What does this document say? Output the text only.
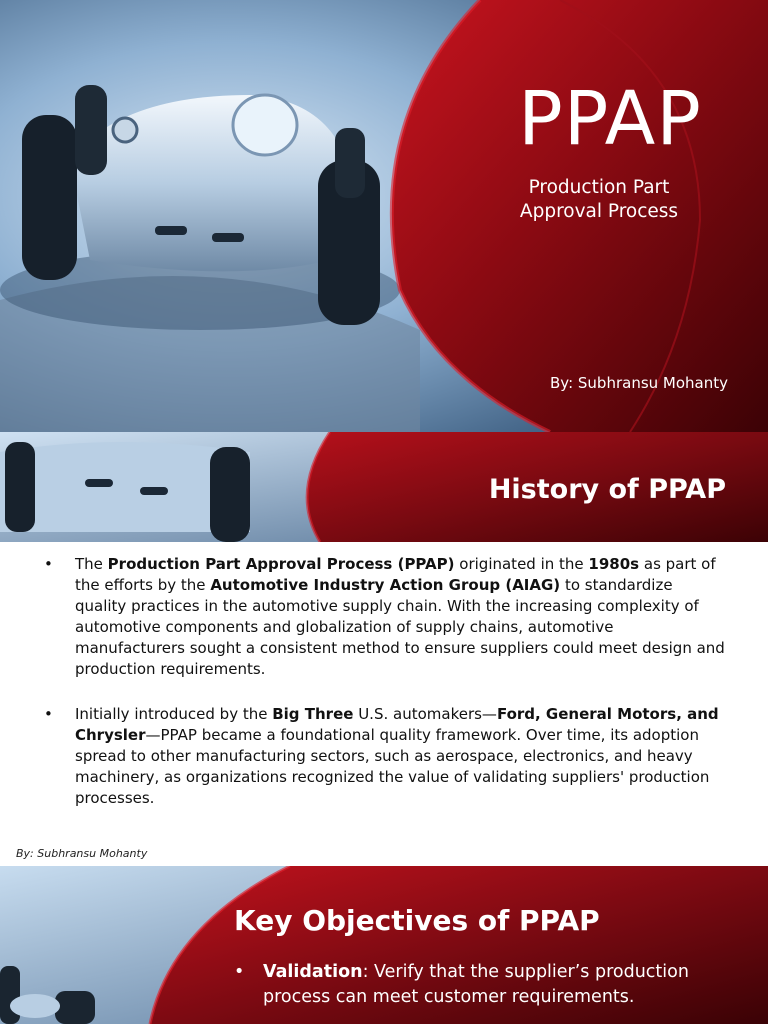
PPAP
Production Part
Approval Process
By: Subhransu Mohanty
History of PPAP
• The Production Part Approval Process (PPAP) originated in the 1980s as part of the efforts by the Automotive Industry Action Group (AIAG) to standardize quality practices in the automotive supply chain. With the increasing complexity of automotive components and globalization of supply chains, automotive manufacturers sought a consistent method to ensure suppliers could meet design and production requirements.
• Initially introduced by the Big Three U.S. automakers—Ford, General Motors, and Chrysler—PPAP became a foundational quality framework. Over time, its adoption spread to other manufacturing sectors, such as aerospace, electronics, and heavy machinery, as organizations recognized the value of validating suppliers' production processes.
By: Subhransu Mohanty
Key Objectives of PPAP
• Validation: Verify that the supplier’s production process can meet customer requirements.
